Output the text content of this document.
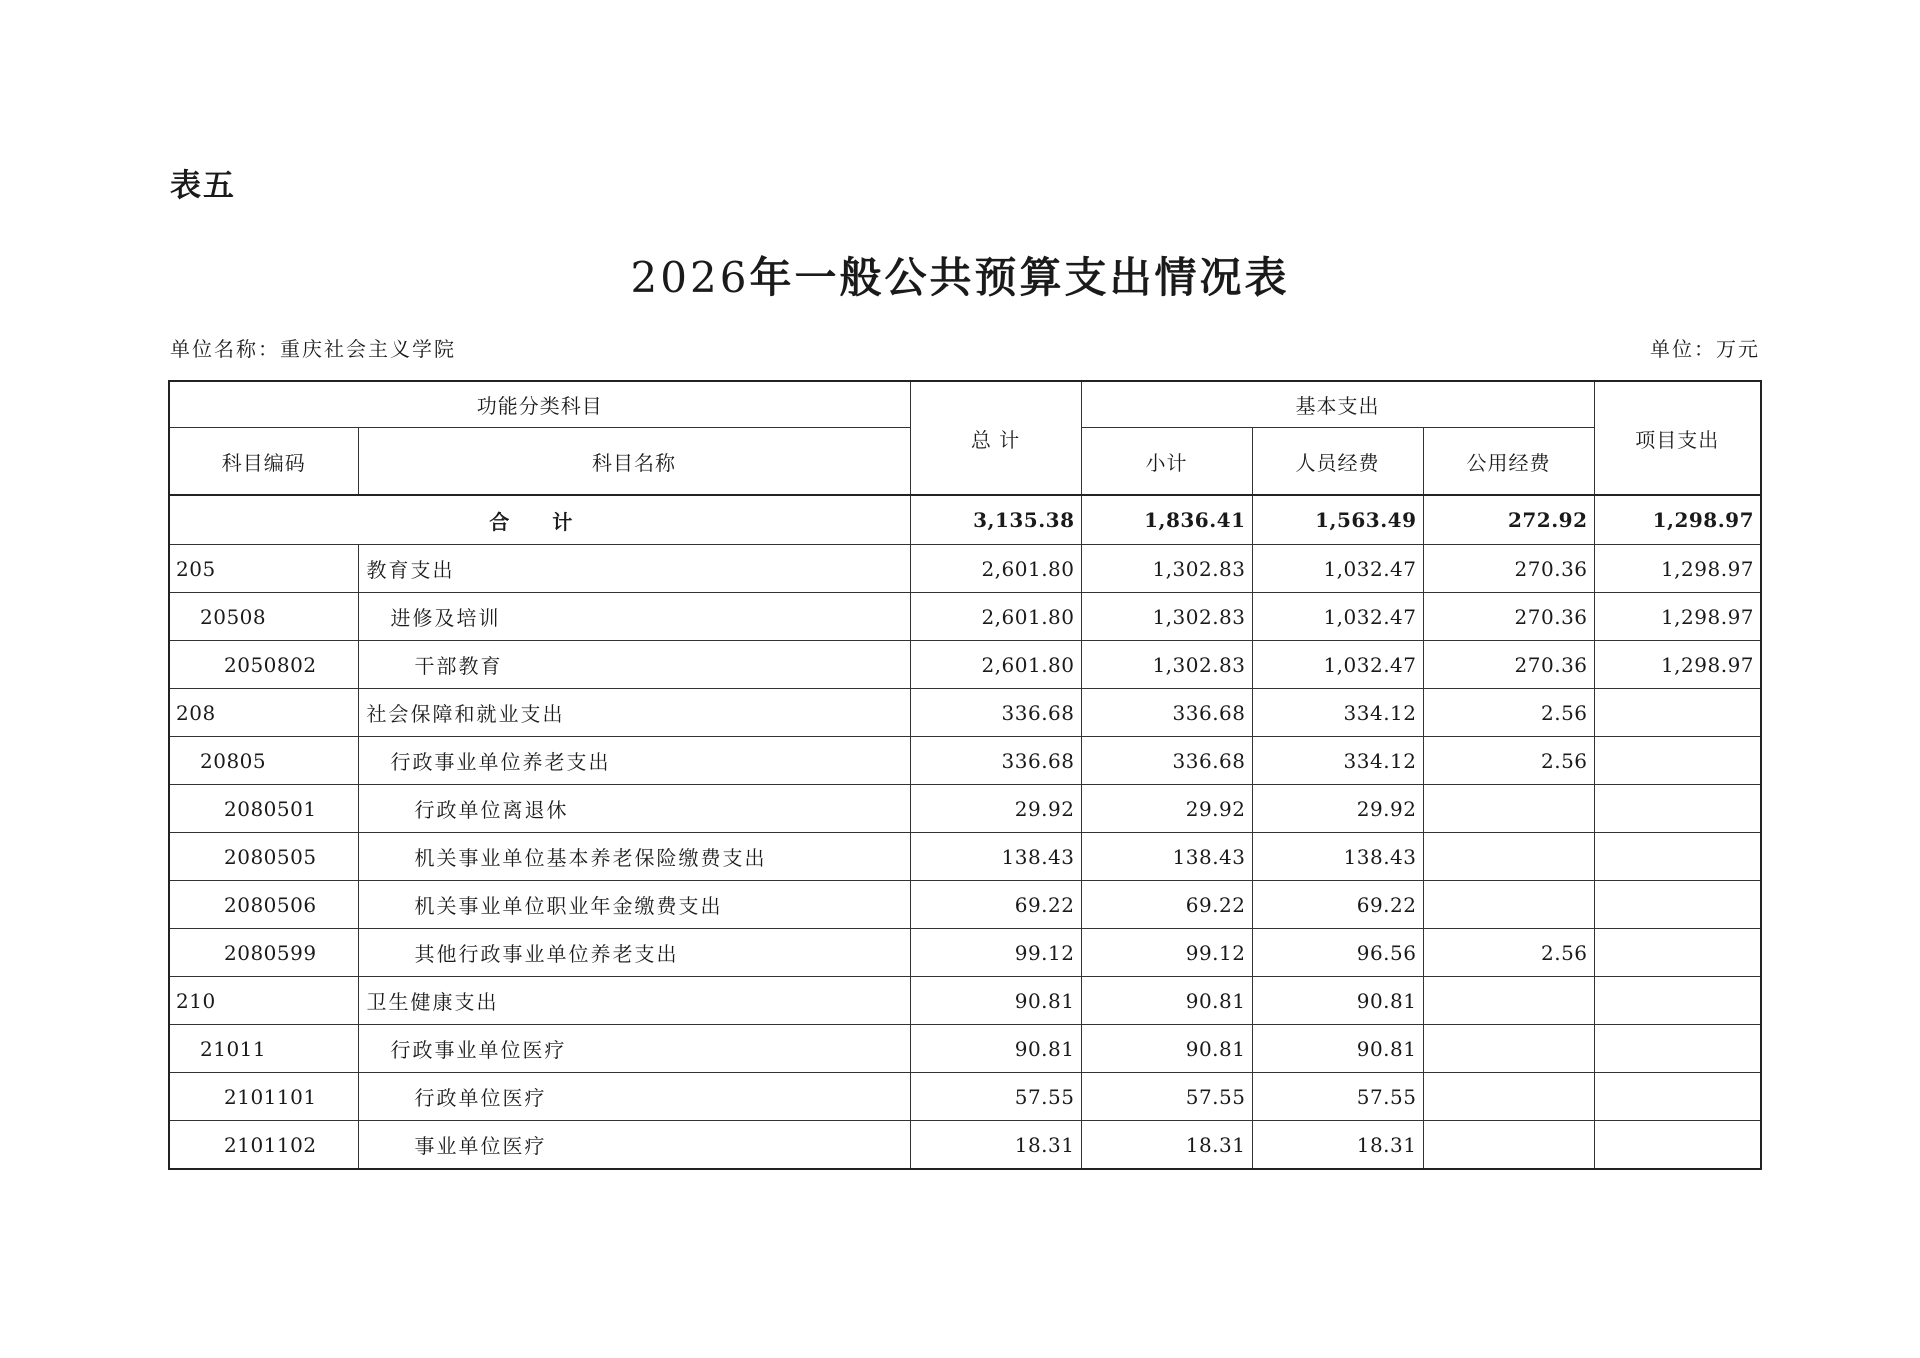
表五
2026年一般公共预算支出情况表
单位名称：重庆社会主义学院	单位：万元
功能分类科目		总 计	基本支出			项目支出
科目编码	科目名称					
			小计	人员经费	公用经费	
合 计		3,135.38	1,836.41	1,563.49	272.92	1,298.97
205	教育支出	2,601.80	1,302.83	1,032.47	270.36	1,298.97
20508	进修及培训	2,601.80	1,302.83	1,032.47	270.36	1,298.97
2050802	干部教育	2,601.80	1,302.83	1,032.47	270.36	1,298.97
208	社会保障和就业支出	336.68	336.68	334.12	2.56	
20805	行政事业单位养老支出	336.68	336.68	334.12	2.56	
2080501	行政单位离退休	29.92	29.92	29.92		
2080505	机关事业单位基本养老保险缴费支出	138.43	138.43	138.43		
2080506	机关事业单位职业年金缴费支出	69.22	69.22	69.22		
2080599	其他行政事业单位养老支出	99.12	99.12	96.56	2.56	
210	卫生健康支出	90.81	90.81	90.81		
21011	行政事业单位医疗	90.81	90.81	90.81		
2101101	行政单位医疗	57.55	57.55	57.55		
2101102	事业单位医疗	18.31	18.31	18.31		
